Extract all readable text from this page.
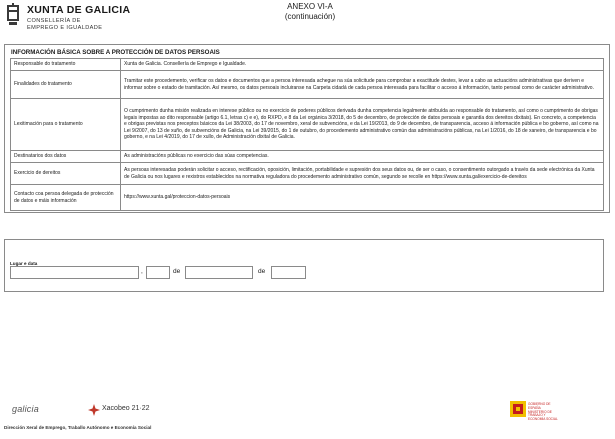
XUNTA DE GALICIA
CONSELLERÍA DE
EMPREGO E IGUALDADE
ANEXO VI-A
(continuación)
INFORMACIÓN BÁSICA SOBRE A PROTECCIÓN DE DATOS PERSOAIS
Responsable do tratamento	Xunta de Galicia. Consellería de Emprego e Igualdade.
Finalidades do tratamento	Tramitar este procedemento, verificar os datos e documentos que a persoa interesada achegue na súa solicitude para comprobar a exactitude destes, levar a cabo as actuacións administrativas que deriven e informar sobre o estado de tramitación. Así mesmo, os datos persoais incluiranse na Carpeta cidadá de cada persoa interesada para facilitar o acceso á información, tanto persoal como de carácter administrativo.
Lexitimación para o tratamento	O cumprimento dunha misión realizada en interese público ou no exercicio de poderes públicos derivada dunha competencia legalmente atribuída ao responsable do tratamento, así como o cumprimento de obrigas legais impostas ao dito responsable (artigo 6.1, letras c) e e), do RXPD, e 8 da Lei orgánica 3/2018, do 5 de decembro, de protección de datos persoais e garantía dos dereitos dixitais). En concreto, a competencia e obrigas previstas nos preceptos básicos da Lei 38/2003, do 17 de novembro, xeral de subvencións, e da Lei 19/2013, do 9 de decembro, de transparencia, acceso á información pública e bo goberno, así como na Lei 9/2007, do 13 de xuño, de subvencións de Galicia, na Lei 39/2015, do 1 de outubro, do procedemento administrativo común das administracións públicas, na Lei 1/2016, do 18 de xaneiro, de transparencia e bo goberno, e na Lei 4/2019, do 17 de xullo, de Administración dixital de Galicia.
Destinatarios dos datos	As administracións públicas no exercicio das súas competencias.
Exercicio de dereitos	As persoas interesadas poderán solicitar o acceso, rectificación, oposición, limitación, portabilidade e supresión dos seus datos ou, de ser o caso, o consentimento outorgado a través da sede electrónica da Xunta de Galicia ou nos lugares e rexistros establecidos na normativa reguladora do procedemento administrativo común, segundo se recolle en https://www.xunta.gal/exercicio-de-dereitos
Contacto coa persoa delegada de protección de datos e máis información	https://www.xunta.gal/proteccion-datos-persoais
Lugar e data
,	de	de
galicia	Xacobeo 21·22
GOBIERNO DE ESPAÑA
MINISTERIO DE TRABAJO Y ECONOMÍA SOCIAL
Dirección Xeral de Emprego, Traballo Autónomo e Economía Social
